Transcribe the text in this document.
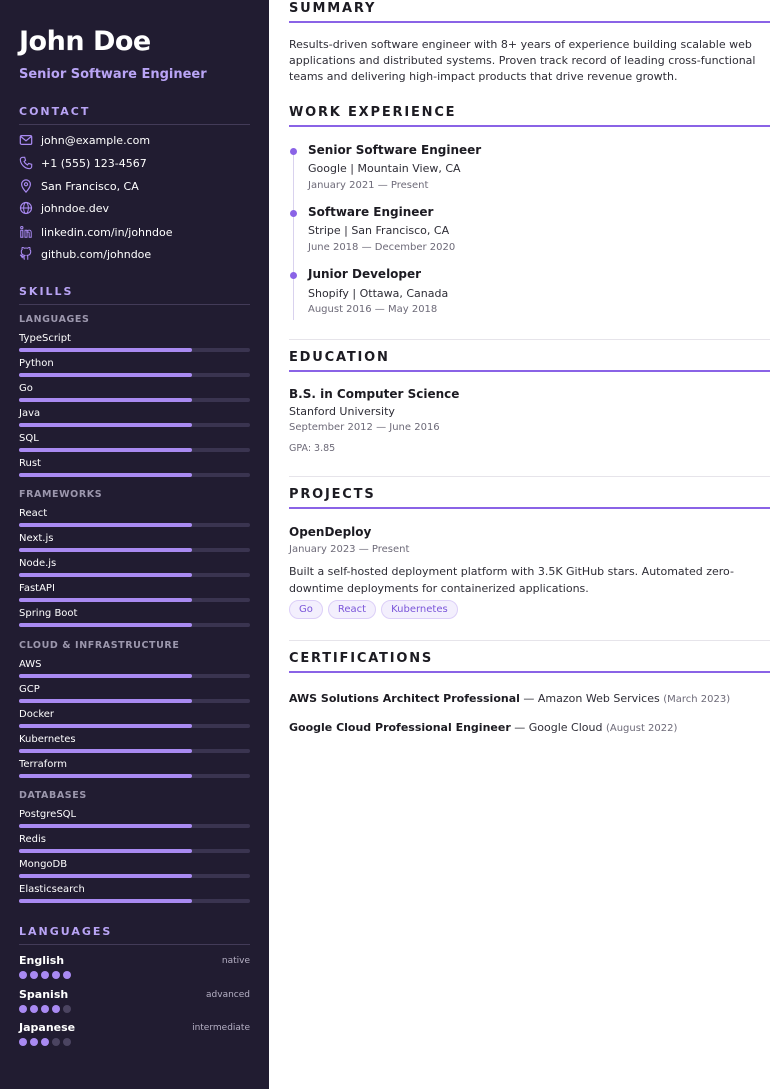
John Doe
Senior Software Engineer
CONTACT
john@example.com
+1 (555) 123-4567
San Francisco, CA
johndoe.dev
linkedin.com/in/johndoe
github.com/johndoe
SKILLS
LANGUAGES
TypeScript
Python
Go
Java
SQL
Rust
FRAMEWORKS
React
Next.js
Node.js
FastAPI
Spring Boot
CLOUD & INFRASTRUCTURE
AWS
GCP
Docker
Kubernetes
Terraform
DATABASES
PostgreSQL
Redis
MongoDB
Elasticsearch
LANGUAGES
English	native
Spanish	advanced
Japanese	intermediate
SUMMARY
Results-driven software engineer with 8+ years of experience building scalable web applications and distributed systems. Proven track record of leading cross-functional teams and delivering high-impact products that drive revenue growth.
WORK EXPERIENCE
Senior Software Engineer
Google | Mountain View, CA
January 2021 — Present
Software Engineer
Stripe | San Francisco, CA
June 2018 — December 2020
Junior Developer
Shopify | Ottawa, Canada
August 2016 — May 2018
EDUCATION
B.S. in Computer Science
Stanford University
September 2012 — June 2016
GPA: 3.85
PROJECTS
OpenDeploy
January 2023 — Present
Built a self-hosted deployment platform with 3.5K GitHub stars. Automated zero-downtime deployments for containerized applications.
Go	React	Kubernetes
CERTIFICATIONS
AWS Solutions Architect Professional — Amazon Web Services (March 2023)
Google Cloud Professional Engineer — Google Cloud (August 2022)
